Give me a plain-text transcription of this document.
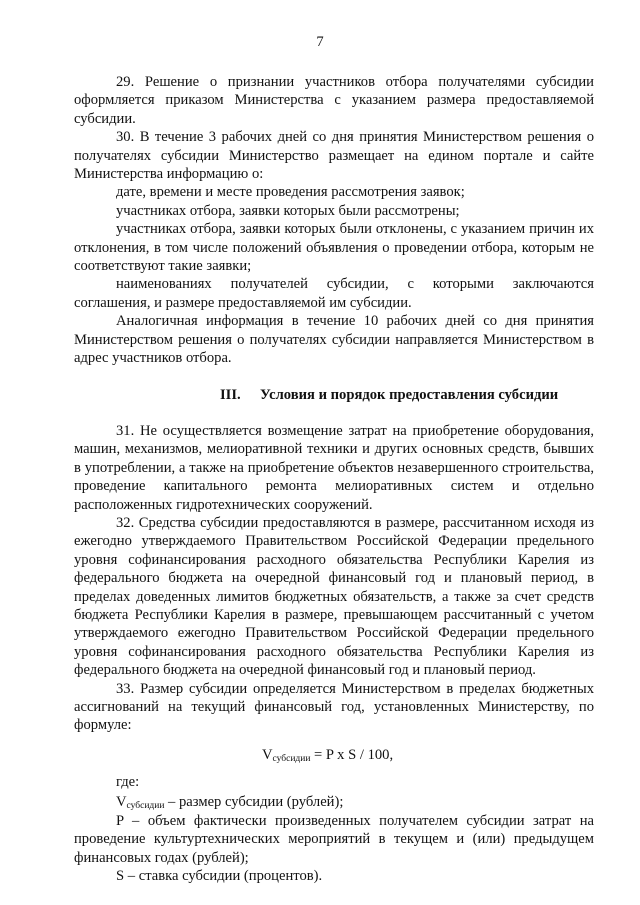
7

29. Решение о признании участников отбора получателями субсидии оформляется приказом Министерства с указанием размера предоставляемой субсидии.

30. В течение 3 рабочих дней со дня принятия Министерством решения о получателях субсидии Министерство размещает на едином портале и сайте Министерства информацию о:

дате, времени и месте проведения рассмотрения заявок;

участниках отбора, заявки которых были рассмотрены;

участниках отбора, заявки которых были отклонены, с указанием причин их отклонения, в том числе положений объявления о проведении отбора, которым не соответствуют такие заявки;

наименованиях получателей субсидии, с которыми заключаются соглашения, и размере предоставляемой им субсидии.

Аналогичная информация в течение 10 рабочих дней со дня принятия Министерством решения о получателях субсидии направляется Министерством в адрес участников отбора.

III. Условия и порядок предоставления субсидии

31. Не осуществляется возмещение затрат на приобретение оборудования, машин, механизмов, мелиоративной техники и других основных средств, бывших в употреблении, а также на приобретение объектов незавершенного строительства, проведение капитального ремонта мелиоративных систем и отдельно расположенных гидротехнических сооружений.

32. Средства субсидии предоставляются в размере, рассчитанном исходя из ежегодно утверждаемого Правительством Российской Федерации предельного уровня софинансирования расходного обязательства Республики Карелия из федерального бюджета на очередной финансовый год и плановый период, в пределах доведенных лимитов бюджетных обязательств, а также за счет средств бюджета Республики Карелия в размере, превышающем рассчитанный с учетом утверждаемого ежегодно Правительством Российской Федерации предельного уровня софинансирования расходного обязательства Республики Карелия из федерального бюджета на очередной финансовый год и плановый период.

33. Размер субсидии определяется Министерством в пределах бюджетных ассигнований на текущий финансовый год, установленных Министерству, по формуле:

$V_{субсидии} = P$ x S / 100,

где:

$V_{субсидии}$ – размер субсидии (рублей);

P – объем фактически произведенных получателем субсидии затрат на проведение культуртехнических мероприятий в текущем и (или) предыдущем финансовых годах (рублей);

S – ставка субсидии (процентов).
